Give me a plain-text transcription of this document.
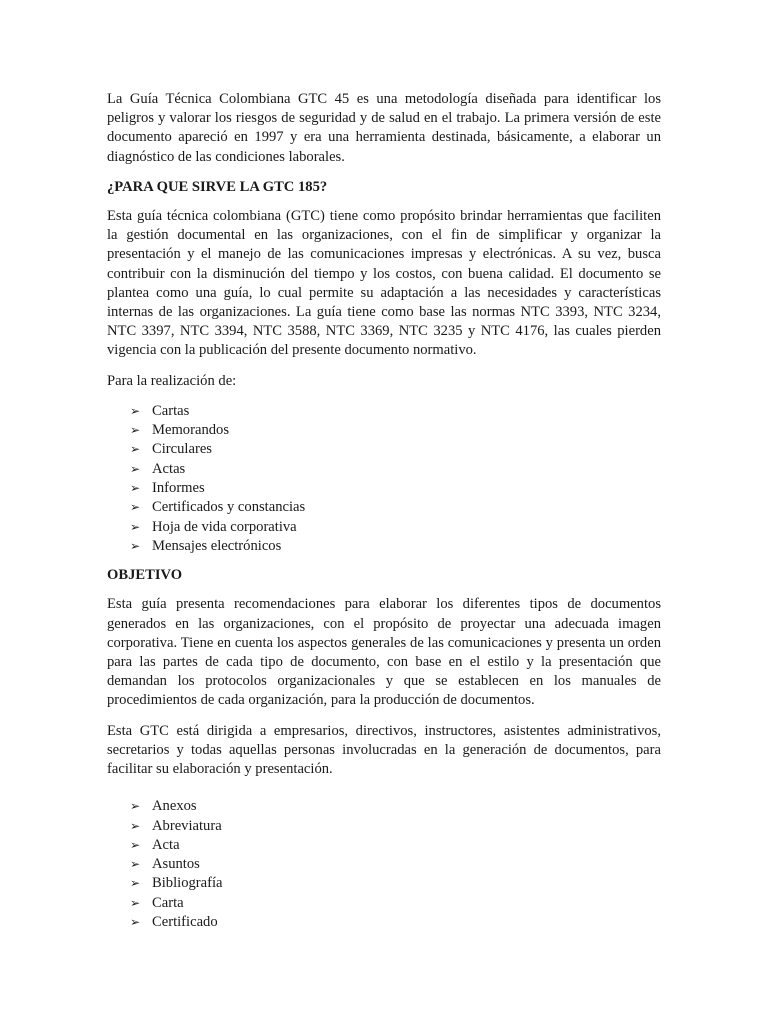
La Guía Técnica Colombiana GTC 45 es una metodología diseñada para identificar los peligros y valorar los riesgos de seguridad y de salud en el trabajo. La primera versión de este documento apareció en 1997 y era una herramienta destinada, básicamente, a elaborar un diagnóstico de las condiciones laborales.

¿PARA QUE SIRVE LA GTC 185?

Esta guía técnica colombiana (GTC) tiene como propósito brindar herramientas que faciliten la gestión documental en las organizaciones, con el fin de simplificar y organizar la presentación y el manejo de las comunicaciones impresas y electrónicas. A su vez, busca contribuir con la disminución del tiempo y los costos, con buena calidad. El documento se plantea como una guía, lo cual permite su adaptación a las necesidades y características internas de las organizaciones. La guía tiene como base las normas NTC 3393, NTC 3234, NTC 3397, NTC 3394, NTC 3588, NTC 3369, NTC 3235 y NTC 4176, las cuales pierden vigencia con la publicación del presente documento normativo.

Para la realización de:

➢ Cartas
➢ Memorandos
➢ Circulares
➢ Actas
➢ Informes
➢ Certificados y constancias
➢ Hoja de vida corporativa
➢ Mensajes electrónicos

OBJETIVO

Esta guía presenta recomendaciones para elaborar los diferentes tipos de documentos generados en las organizaciones, con el propósito de proyectar una adecuada imagen corporativa. Tiene en cuenta los aspectos generales de las comunicaciones y presenta un orden para las partes de cada tipo de documento, con base en el estilo y la presentación que demandan los protocolos organizacionales y que se establecen en los manuales de procedimientos de cada organización, para la producción de documentos.

Esta GTC está dirigida a empresarios, directivos, instructores, asistentes administrativos, secretarios y todas aquellas personas involucradas en la generación de documentos, para facilitar su elaboración y presentación.

➢ Anexos
➢ Abreviatura
➢ Acta
➢ Asuntos
➢ Bibliografía
➢ Carta
➢ Certificado
